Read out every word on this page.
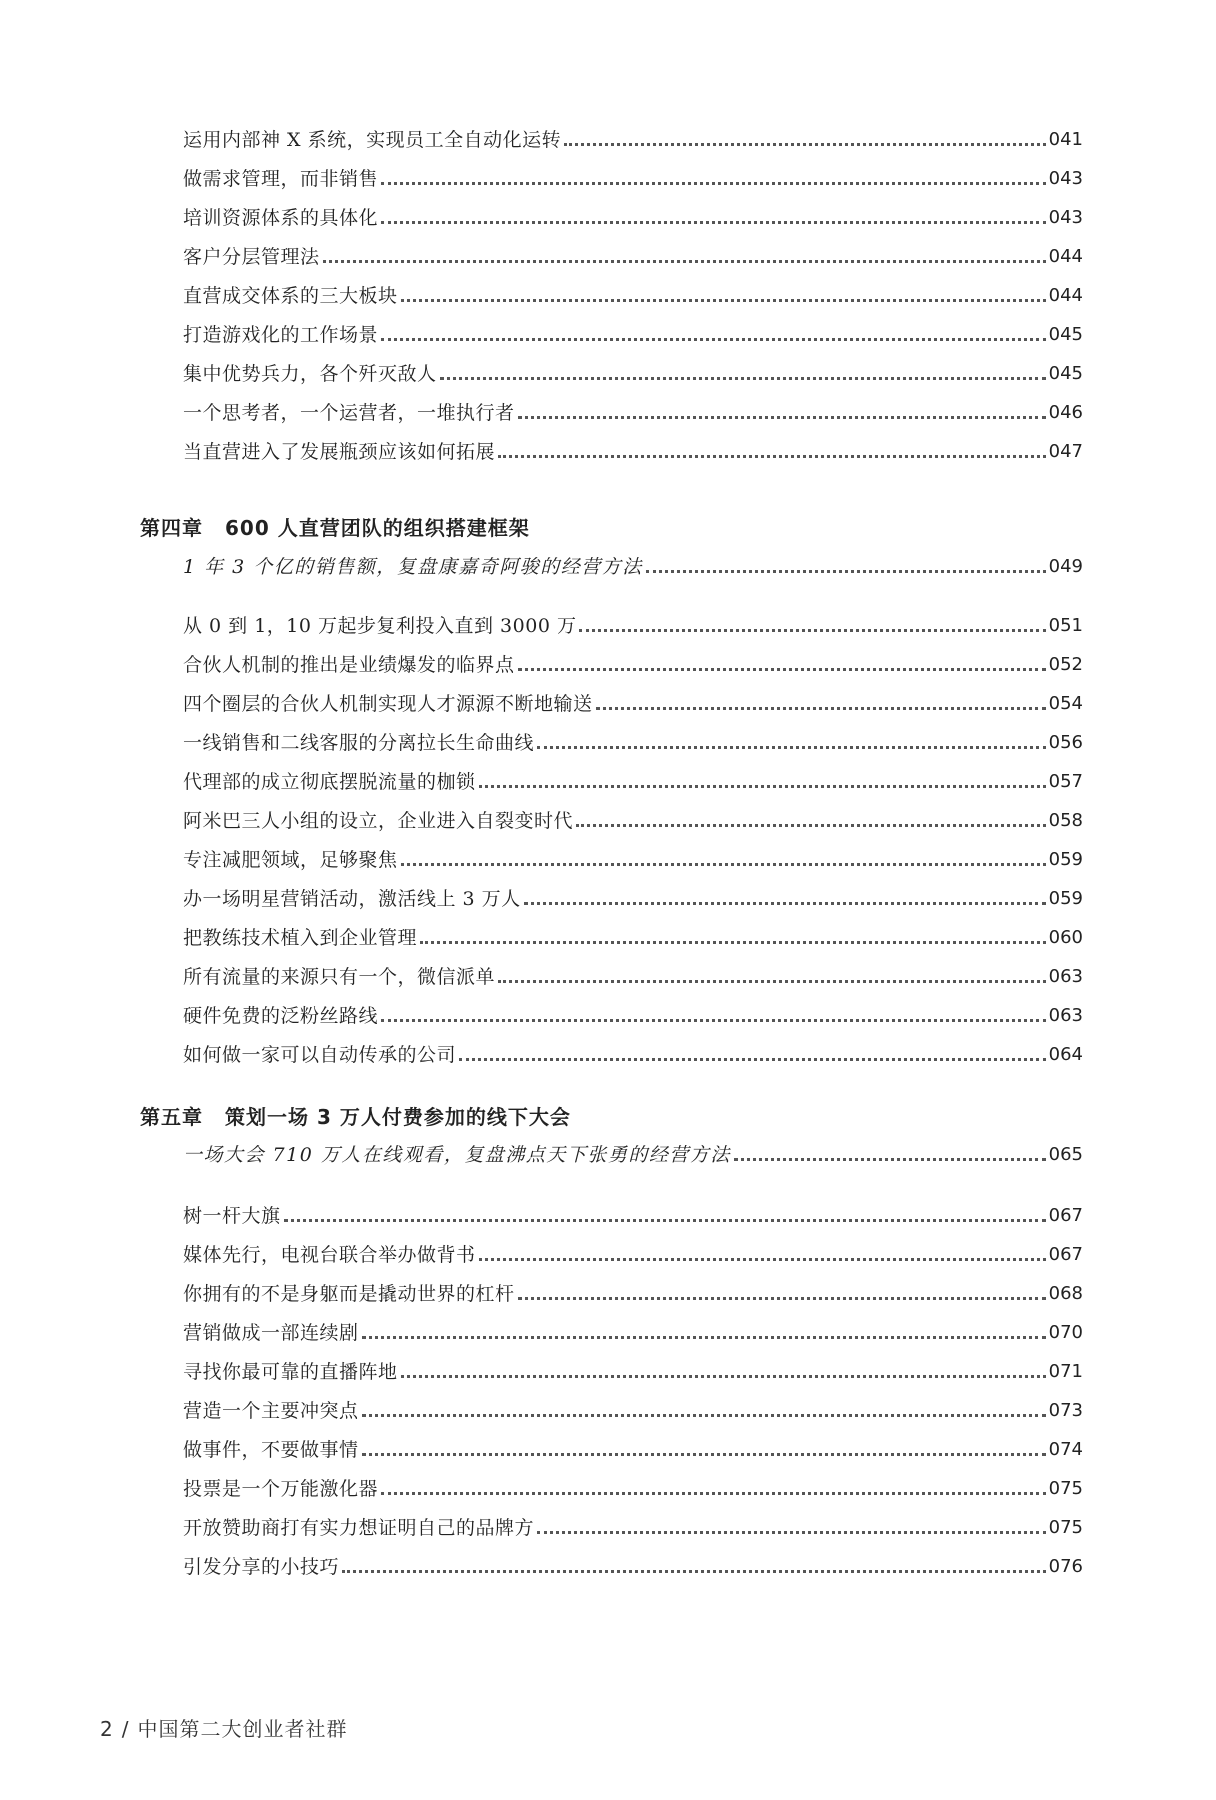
运用内部神 X 系统，实现员工全自动化运转	041
做需求管理，而非销售	043
培训资源体系的具体化	043
客户分层管理法	044
直营成交体系的三大板块	044
打造游戏化的工作场景	045
集中优势兵力，各个歼灭敌人	045
一个思考者，一个运营者，一堆执行者	046
当直营进入了发展瓶颈应该如何拓展	047
第四章 600 人直营团队的组织搭建框架
1 年 3 个亿的销售额，复盘康嘉奇阿骏的经营方法	049
从 0 到 1，10 万起步复利投入直到 3000 万	051
合伙人机制的推出是业绩爆发的临界点	052
四个圈层的合伙人机制实现人才源源不断地输送	054
一线销售和二线客服的分离拉长生命曲线	056
代理部的成立彻底摆脱流量的枷锁	057
阿米巴三人小组的设立，企业进入自裂变时代	058
专注减肥领域，足够聚焦	059
办一场明星营销活动，激活线上 3 万人	059
把教练技术植入到企业管理	060
所有流量的来源只有一个，微信派单	063
硬件免费的泛粉丝路线	063
如何做一家可以自动传承的公司	064
第五章 策划一场 3 万人付费参加的线下大会
一场大会 710 万人在线观看，复盘沸点天下张勇的经营方法	065
树一杆大旗	067
媒体先行，电视台联合举办做背书	067
你拥有的不是身躯而是撬动世界的杠杆	068
营销做成一部连续剧	070
寻找你最可靠的直播阵地	071
营造一个主要冲突点	073
做事件，不要做事情	074
投票是一个万能激化器	075
开放赞助商打有实力想证明自己的品牌方	075
引发分享的小技巧	076
2 / 中国第二大创业者社群
